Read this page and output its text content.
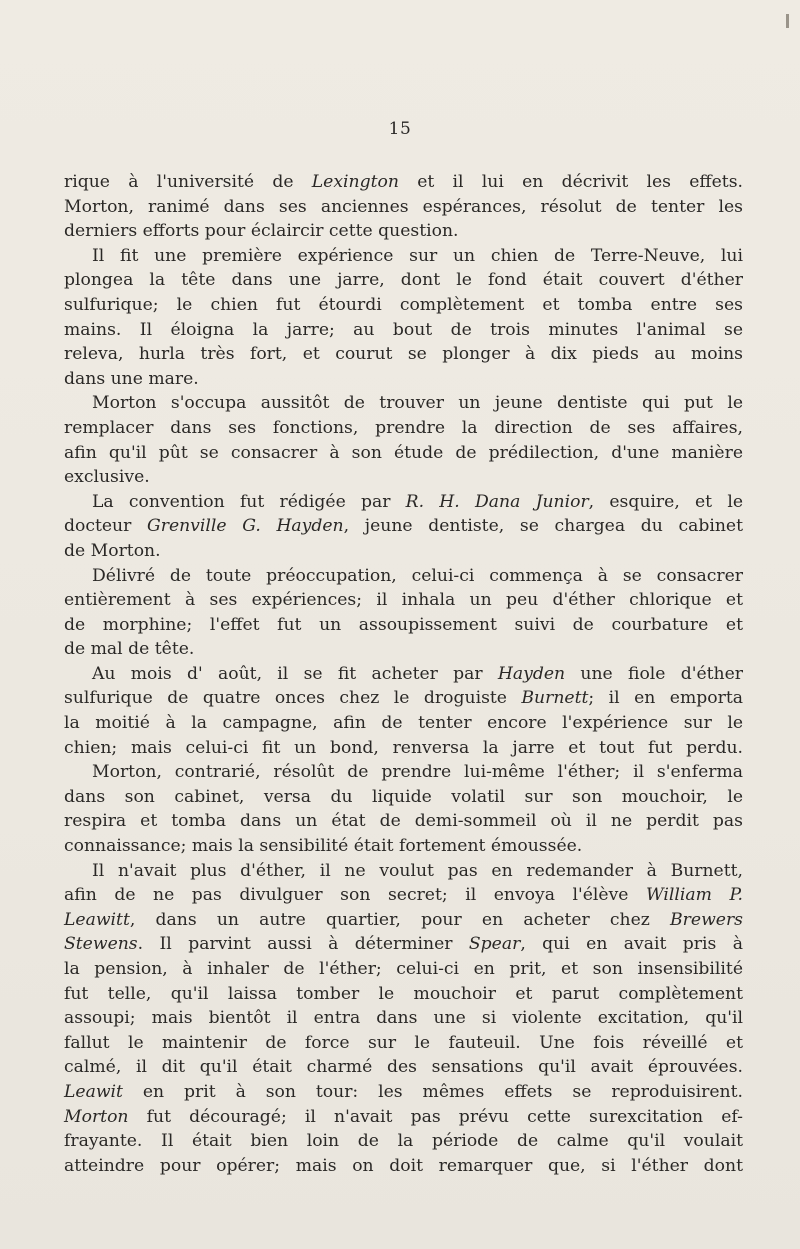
15
rique à l'université de Lexington et il lui en décrivit les effets.
Morton, ranimé dans ses anciennes espérances, résolut de tenter les
derniers efforts pour éclaircir cette question.
Il fit une première expérience sur un chien de Terre-Neuve, lui
plongea la tête dans une jarre, dont le fond était couvert d'éther
sulfurique; le chien fut étourdi complètement et tomba entre ses
mains. Il éloigna la jarre; au bout de trois minutes l'animal se
releva, hurla très fort, et courut se plonger à dix pieds au moins
dans une mare.
Morton s'occupa aussitôt de trouver un jeune dentiste qui put le
remplacer dans ses fonctions, prendre la direction de ses affaires,
afin qu'il pût se consacrer à son étude de prédilection, d'une manière
exclusive.
La convention fut rédigée par R. H. Dana Junior, esquire, et le
docteur Grenville G. Hayden, jeune dentiste, se chargea du cabinet
de Morton.
Délivré de toute préoccupation, celui-ci commença à se consacrer
entièrement à ses expériences; il inhala un peu d'éther chlorique et
de morphine; l'effet fut un assoupissement suivi de courbature et
de mal de tête.
Au mois d' août, il se fit acheter par Hayden une fiole d'éther
sulfurique de quatre onces chez le droguiste Burnett; il en emporta
la moitié à la campagne, afin de tenter encore l'expérience sur le
chien; mais celui-ci fit un bond, renversa la jarre et tout fut perdu.
Morton, contrarié, résolût de prendre lui-même l'éther; il s'enferma
dans son cabinet, versa du liquide volatil sur son mouchoir, le
respira et tomba dans un état de demi-sommeil où il ne perdit pas
connaissance; mais la sensibilité était fortement émoussée.
Il n'avait plus d'éther, il ne voulut pas en redemander à Burnett,
afin de ne pas divulguer son secret; il envoya l'élève William P.
Leawitt, dans un autre quartier, pour en acheter chez Brewers
Stewens. Il parvint aussi à déterminer Spear, qui en avait pris à
la pension, à inhaler de l'éther; celui-ci en prit, et son insensibilité
fut telle, qu'il laissa tomber le mouchoir et parut complètement
assoupi; mais bientôt il entra dans une si violente excitation, qu'il
fallut le maintenir de force sur le fauteuil. Une fois réveillé et
calmé, il dit qu'il était charmé des sensations qu'il avait éprouvées.
Leawit en prit à son tour: les mêmes effets se reproduisirent.
Morton fut découragé; il n'avait pas prévu cette surexcitation ef-
frayante. Il était bien loin de la période de calme qu'il voulait
atteindre pour opérer; mais on doit remarquer que, si l'éther dont
